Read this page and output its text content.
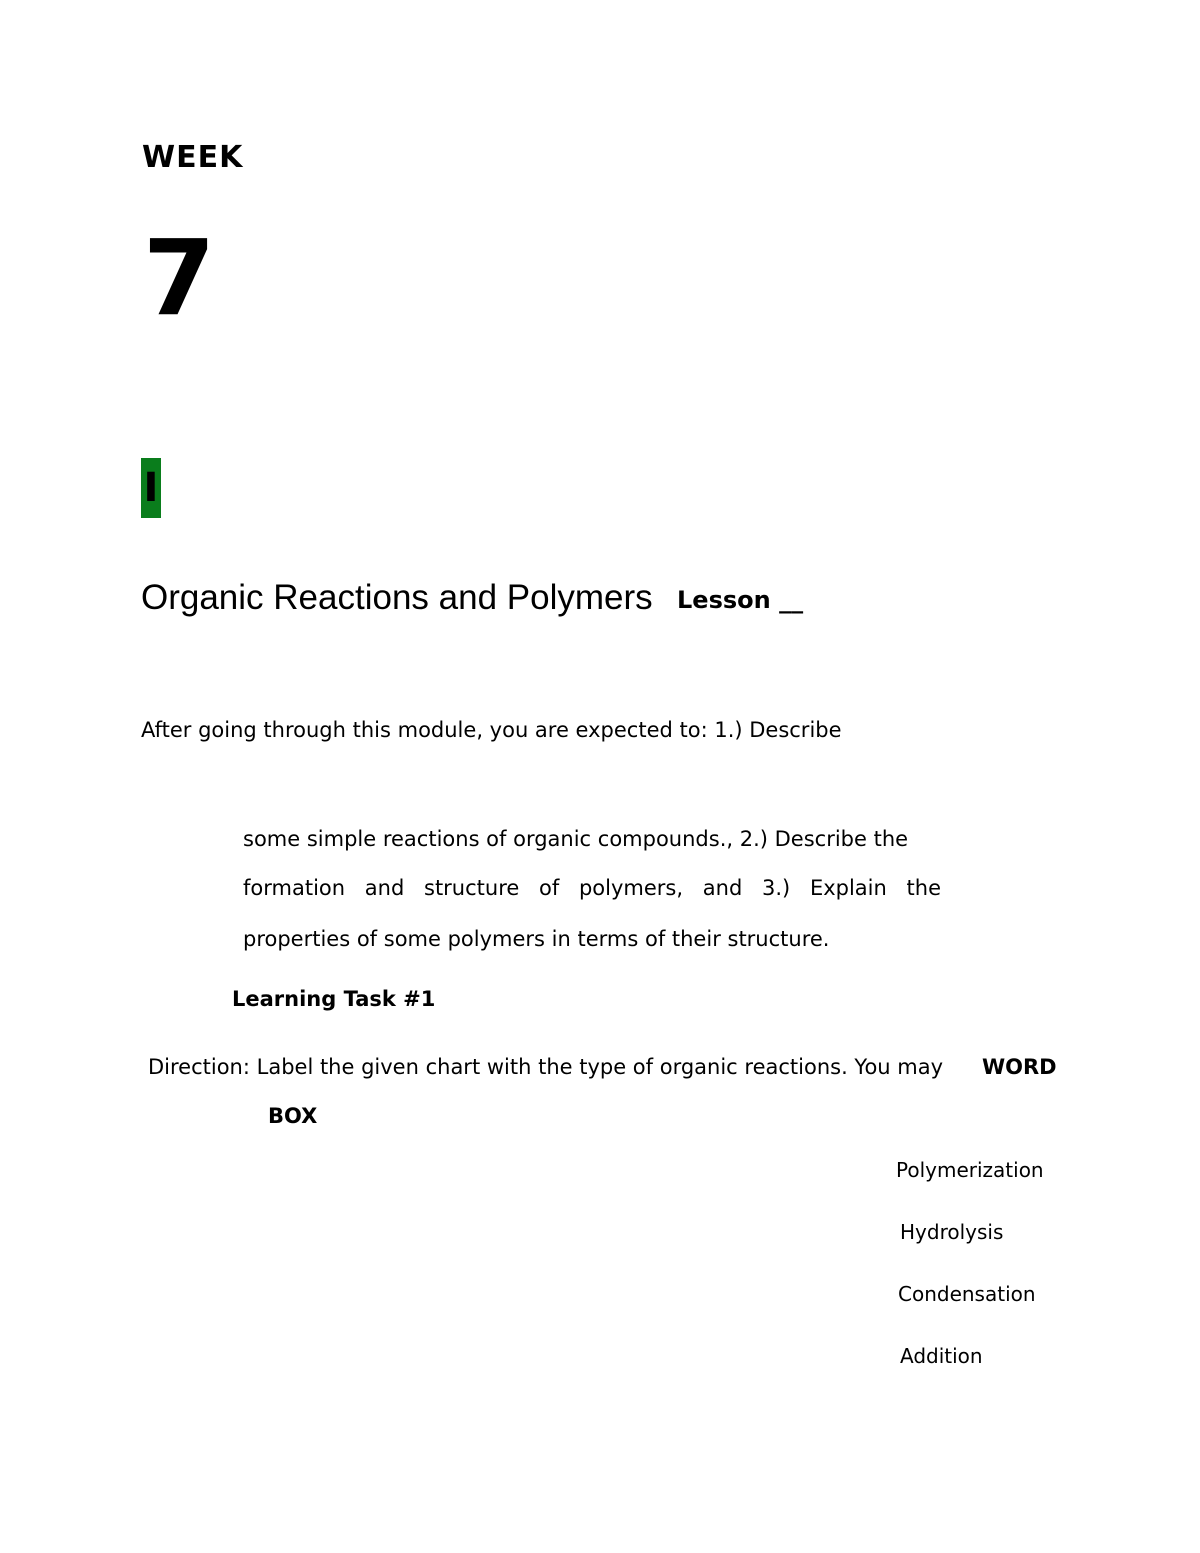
WEEK
7
I
Organic Reactions and Polymers Lesson __
After going through this module, you are expected to: 1.) Describe
some simple reactions of organic compounds., 2.) Describe the
formation and structure of polymers, and 3.) Explain the
properties of some polymers in terms of their structure.
Learning Task #1
Direction: Label the given chart with the type of organic reactions. You may WORD
BOX
Polymerization
Hydrolysis
Condensation
Addition
